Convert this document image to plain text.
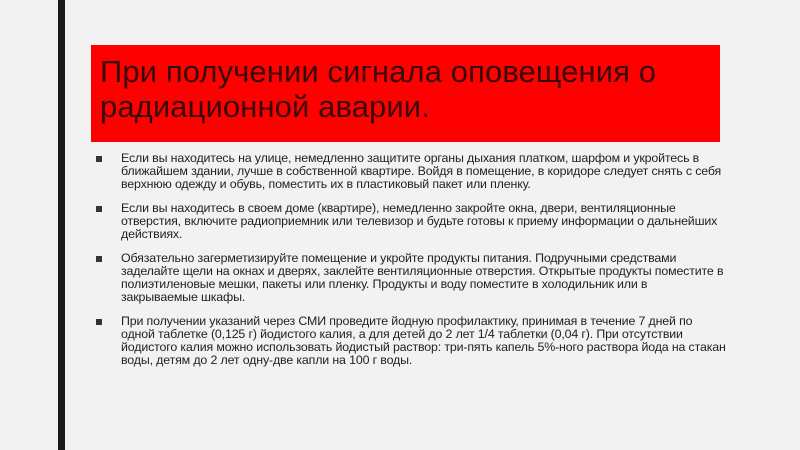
При получении сигнала оповещения о радиационной аварии.
Если вы находитесь на улице, немедленно защитите органы дыхания платком, шарфом и укройтесь в ближайшем здании, лучше в собственной квартире. Войдя в помещение, в коридоре следует снять с себя верхнюю одежду и обувь, поместить их в пластиковый пакет или пленку.
Если вы находитесь в своем доме (квартире), немедленно закройте окна, двери, вентиляционные отверстия, включите радиоприемник или телевизор и будьте готовы к приему информации о дальнейших действиях.
Обязательно загерметизируйте помещение и укройте продукты питания. Подручными средствами заделайте щели на окнах и дверях, заклейте вентиляционные отверстия. Открытые продукты поместите в полиэтиленовые мешки, пакеты или пленку. Продукты и воду поместите в холодильник или в закрываемые шкафы.
При получении указаний через СМИ проведите йодную профилактику, принимая в течение 7 дней по одной таблетке (0,125 г) йодистого калия, а для детей до 2 лет 1/4 таблетки (0,04 г). При отсутствии йодистого калия можно использовать йодистый раствор: три-пять капель 5%-ного раствора йода на стакан воды, детям до 2 лет одну-две капли на 100 г воды.
